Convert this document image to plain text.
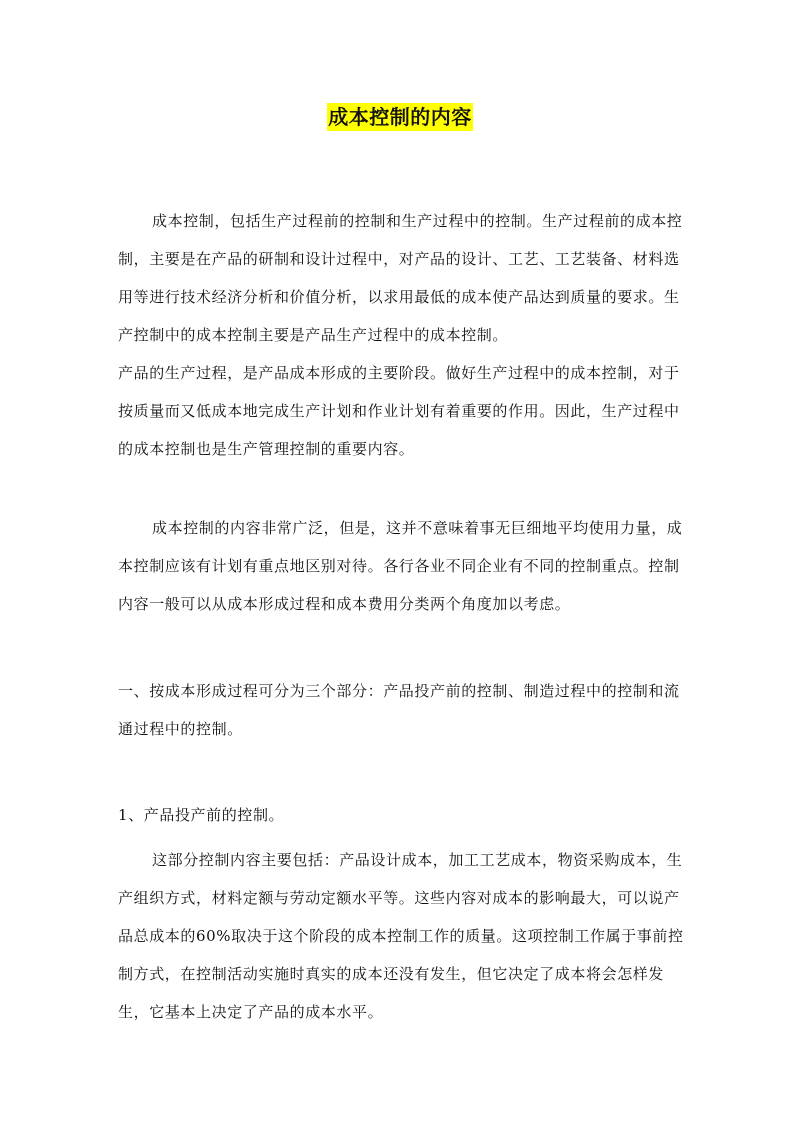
成本控制的内容

成本控制，包括生产过程前的控制和生产过程中的控制。生产过程前的成本控制，主要是在产品的研制和设计过程中，对产品的设计、工艺、工艺装备、材料选用等进行技术经济分析和价值分析，以求用最低的成本使产品达到质量的要求。生产控制中的成本控制主要是产品生产过程中的成本控制。

产品的生产过程，是产品成本形成的主要阶段。做好生产过程中的成本控制，对于按质量而又低成本地完成生产计划和作业计划有着重要的作用。因此，生产过程中的成本控制也是生产管理控制的重要内容。

成本控制的内容非常广泛，但是，这并不意味着事无巨细地平均使用力量，成本控制应该有计划有重点地区别对待。各行各业不同企业有不同的控制重点。控制内容一般可以从成本形成过程和成本费用分类两个角度加以考虑。

一、按成本形成过程可分为三个部分：产品投产前的控制、制造过程中的控制和流通过程中的控制。

1、产品投产前的控制。

这部分控制内容主要包括：产品设计成本，加工工艺成本，物资采购成本，生产组织方式，材料定额与劳动定额水平等。这些内容对成本的影响最大，可以说产品总成本的60%取决于这个阶段的成本控制工作的质量。这项控制工作属于事前控制方式，在控制活动实施时真实的成本还没有发生，但它决定了成本将会怎样发生，它基本上决定了产品的成本水平。
